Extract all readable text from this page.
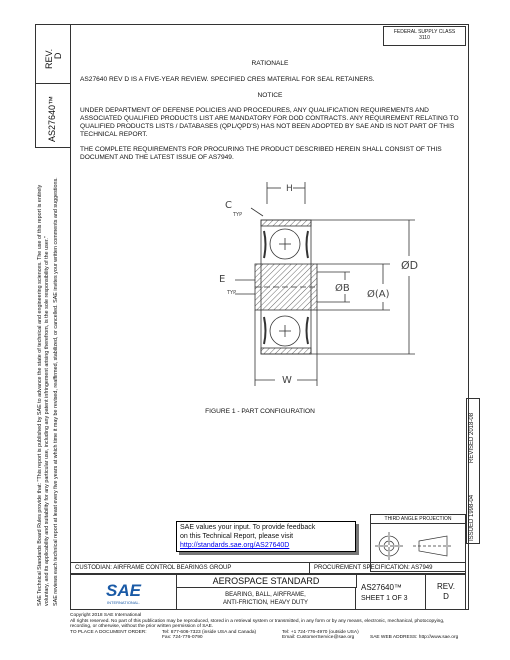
REV. D
AS27640™
SAE Technical Standards Board Rules provide that: "This report is published by SAE to advance the state of technical and engineering sciences. The use of this report is entirely voluntary, and its applicability and suitability for any particular use, including any patent infringement arising therefrom, is the sole responsibility of the user." SAE reviews each technical report at least every five years at which time it may be revised, reaffirmed, stabilized, or cancelled. SAE invites your written comments and suggestions.
FEDERAL SUPPLY CLASS
3110
RATIONALE
AS27640 REV D IS A FIVE-YEAR REVIEW. SPECIFIED CRES MATERIAL FOR SEAL RETAINERS.
NOTICE
UNDER DEPARTMENT OF DEFENSE POLICIES AND PROCEDURES, ANY QUALIFICATION REQUIREMENTS AND ASSOCIATED QUALIFIED PRODUCTS LIST ARE MANDATORY FOR DOD CONTRACTS. ANY REQUIREMENT RELATING TO QUALIFIED PRODUCTS LISTS / DATABASES (QPL/QPD'S) HAS NOT BEEN ADOPTED BY SAE AND IS NOT PART OF THIS TECHNICAL REPORT.
THE COMPLETE REQUIREMENTS FOR PROCURING THE PRODUCT DESCRIBED HEREIN SHALL CONSIST OF THIS DOCUMENT AND THE LATEST ISSUE OF AS7949.
H
C
TYP
E
TYP
ØD
ØB
Ø(A)
W
FIGURE 1 - PART CONFIGURATION
REVISED 2018-08
ISSUED 1998-04
SAE values your input. To provide feedback
on this Technical Report, please visit
http://standards.sae.org/AS27640D
THIRD ANGLE PROJECTION
CUSTODIAN: AIRFRAME CONTROL BEARINGS GROUP	PROCUREMENT SPECIFICATION: AS7949
SAE
INTERNATIONAL.
AEROSPACE STANDARD
BEARING, BALL, AIRFRAME,
ANTI-FRICTION, HEAVY DUTY
AS27640™
SHEET 1 OF 3
REV.
D
Copyright 2018 SAE International
All rights reserved. No part of this publication may be reproduced, stored in a retrieval system or transmitted, in any form or by any means, electronic, mechanical, photocopying,
recording, or otherwise, without the prior written permission of SAE.
TO PLACE A DOCUMENT ORDER:	Tel: 877-606-7323 (inside USA and Canada)	Tel: +1 724-776-4970 (outside USA)
Fax: 724-776-0790	Email: CustomerService@sae.org	SAE WEB ADDRESS: http://www.sae.org
